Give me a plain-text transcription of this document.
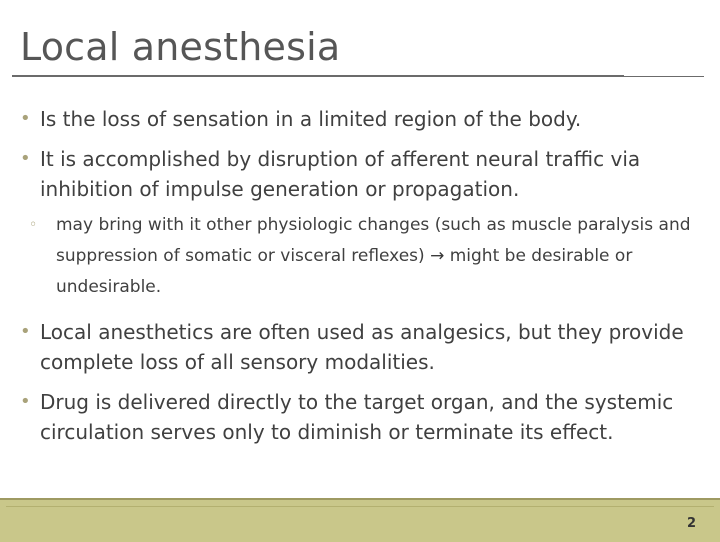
Local anesthesia
• Is the loss of sensation in a limited region of the body.
• It is accomplished by disruption of afferent neural traffic via inhibition of impulse generation or propagation.
◦ may bring with it other physiologic changes (such as muscle paralysis and suppression of somatic or visceral reflexes) → might be desirable or undesirable.
• Local anesthetics are often used as analgesics, but they provide complete loss of all sensory modalities.
• Drug is delivered directly to the target organ, and the systemic circulation serves only to diminish or terminate its effect.
2
